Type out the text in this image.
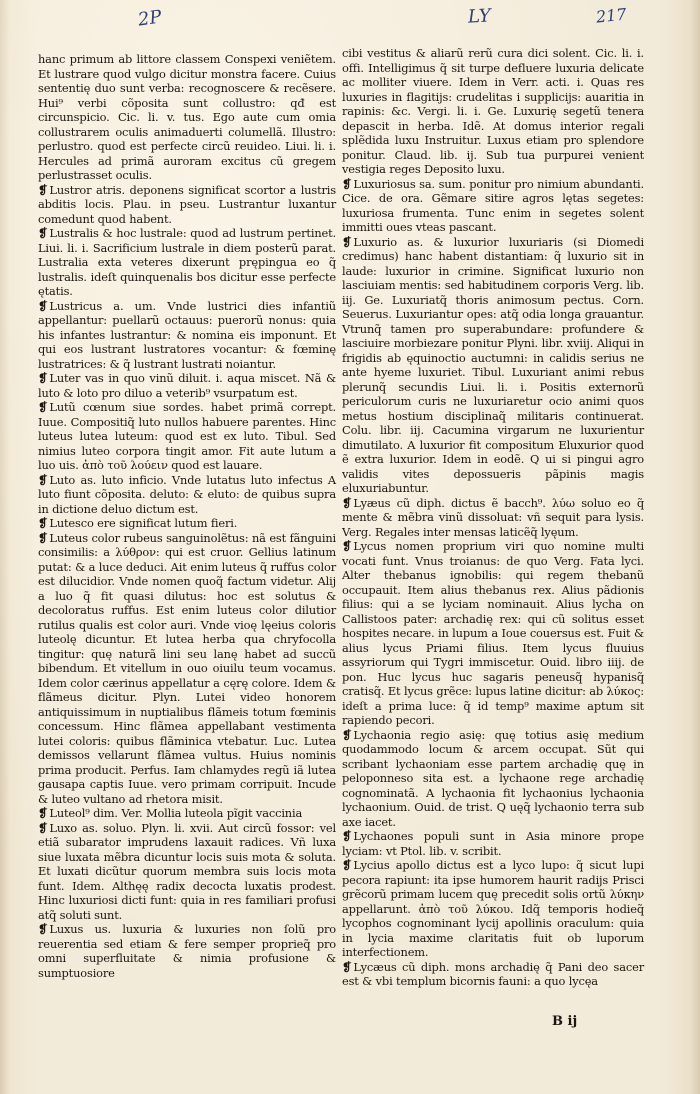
2P	LY	217

hanc primum ab littore classem Conspexi veniẽtem. Et lustrare quod vulgo dicitur monstra facere. Cuius sententię duo sunt verba: recognoscere & recẽsere. Hui⁹ verbi cõposita sunt collustro: qđ est circunspicio. Cic. li. v. tus. Ego aute cum omia collustrarem oculis animaduerti columellã. Illustro: perlustro. quod est perfecte circũ reuideo. Liui. li. i. Hercules ad primã auroram excitus cũ gregem perlustrasset oculis.

❡ Lustror atris. deponens significat scortor a lustris abditis locis. Plau. in pseu. Lustrantur luxantur comedunt quod habent.

❡ Lustralis & hoc lustrale: quod ad lustrum pertinet. Liui. li. i. Sacrificium lustrale in diem posterũ parat. Lustralia exta veteres dixerunt prępingua eo q̃ lustralis. ideſt quinquenalis bos dicitur esse perfecte ętatis.

❡ Lustricus a. um. Vnde lustrici dies infantiũ appellantur: puellarũ octauus: puerorũ nonus: quia his infantes lustrantur: & nomina eis imponunt. Et qui eos lustrant lustratores vocantur: & fœminę lustratrices: & q̃ lustrant lustrati noiantur.

❡ Luter vas in quo vinũ diluit. i. aqua miscet. Nã & luto & loto pro diluo a veterib⁹ vsurpatum est.

❡ Lutũ cœnum siue sordes. habet primã corrept. Iuue. Compositiq̃ luto nullos habuere parentes. Hinc luteus lutea luteum: quod est ex luto. Tibul. Sed nimius luteo corpora tingit amor. Fit aute lutum a luo uis. ἀπὸ τοῦ λούειν quod est lauare.

❡ Luto as. luto inficio. Vnde lutatus luto infectus A luto fiunt cõposita. deluto: & eluto: de quibus supra in dictione deluo dictum est.

❡ Lutesco ere significat lutum fieri.

❡ Luteus color rubeus sanguinolẽtus: nã est fãnguini consimilis: a λύθρον: qui est cruor. Gellius latinum putat: & a luce deduci. Ait enim luteus q̃ ruffus color est dilucidior. Vnde nomen quoq̃ factum videtur. Alij a luo q̃ fit quasi dilutus: hoc est solutus & decoloratus ruffus. Est enim luteus color dilutior rutilus qualis est color auri. Vnde vioę lęeius coloris luteolę dicuntur. Et lutea herba qua chryfocolla tingitur: quę naturã lini seu lanę habet ad succũ bibendum. Et vitellum in ouo oiuilu teum vocamus. Idem color cærinus appellatur a cęrę colore. Idem & flãmeus dicitur. Plyn. Lutei video honorem antiquissimum in nuptialibus flãmeis totum fœminis concessum. Hinc flãmea appellabant vestimenta lutei coloris: quibus flãminica vtebatur. Luc. Lutea demissos vellarunt flãmea vultus. Huius nominis prima producit. Perfus. Iam chlamydes regũ iã lutea gausapa captis Iuue. vero primam corripuit. Incude & luteo vultano ad rhetora misit.

❡ Luteol⁹ dim. Ver. Mollia luteola pĩgit vaccinia

❡ Luxo as. soluo. Plyn. li. xvii. Aut circũ fossor: vel etiã subarator imprudens laxauit radices. Vñ luxa siue luxata mẽbra dicuntur locis suis mota & soluta. Et luxati dicũtur quorum membra suis locis mota funt. Idem. Althęę radix decocta luxatis prodest. Hinc luxuriosi dicti funt: quia in res familiari profusi atq̃ soluti sunt.

❡ Luxus us. luxuria & luxuries non ſolũ pro reuerentia sed etiam & fere semper proprieq̃ pro omni superfluitate & nimia profusione & sumptuosiore

cibi vestitus & aliarũ rerũ cura dici solent. Cic. li. i. offi. Intelligimus q̃ sit turpe defluere luxuria delicate ac molliter viuere. Idem in Verr. acti. i. Quas res luxuries in flagitijs: crudelitas i supplicijs: auaritia in rapinis: &c. Vergi. li. i. Ge. Luxurię segetũ tenera depascit in herba. Idẽ. At domus interior regali splẽdida luxu Instruitur. Luxus etiam pro splendore ponitur. Claud. lib. ij. Sub tua purpurei venient vestigia reges Deposito luxu.

❡ Luxuriosus sa. sum. ponitur pro nimium abundanti. Cice. de ora. Gẽmare sitire agros lętas segetes: luxuriosa frumenta. Tunc enim in segetes solent immitti oues vteas pascant.

❡ Luxurio as. & luxurior luxuriaris (si Diomedi credimus) hanc habent distantiam: q̃ luxurio sit in laude: luxurior in crimine. Significat luxurio non lasciuiam mentis: sed habitudinem corporis Verg. lib. iij. Ge. Luxuriatq̃ thoris animosum pectus. Corn. Seuerus. Luxuriantur opes: atq̃ odia longa grauantur. Vtrunq̃ tamen pro superabundare: profundere & lasciuire morbiezare ponitur Plyni. libr. xviij. Aliqui in frigidis ab ęquinoctio auctumni: in calidis serius ne ante hyeme luxuriet. Tibul. Luxuriant animi rebus plerunq̃ secundis Liui. li. i. Positis externorũ periculorum curis ne luxuriaretur ocio animi quos metus hostium disciplinaq̃ militaris continuerat. Colu. libr. iij. Cacumina virgarum ne luxurientur dimutilato. A luxurior fit compositum Eluxurior quod ẽ extra luxurior. Idem in eodẽ. Q ui si pingui agro validis vites depossueris pãpinis magis eluxuriabuntur.

❡ Lyæus cũ diph. dictus ẽ bacch⁹. λύω soluo eo q̃ mente & mẽbra vinũ dissoluat: vñ sequit para lysis. Verg. Regales inter mensas laticẽq̃ lyęum.

❡ Lycus nomen proprium viri quo nomine multi vocati funt. Vnus troianus: de quo Verg. Fata lyci. Alter thebanus ignobilis: qui regem thebanũ occupauit. Item alius thebanus rex. Alius pãdionis filius: qui a se lyciam nominauit. Alius lycha on Callistoos pater: archadię rex: qui cũ solitus esset hospites necare. in lupum a Ioue couersus est. Fuit & alius lycus Priami filius. Item lycus fluuius assyriorum qui Tygri immiscetur. Ouid. libro iiij. de pon. Huc lycus huc sagaris peneusq̃ hypanisq̃ cratisq̃. Et lycus grẽce: lupus latine dicitur: ab λύκος: ideſt a prima luce: q̃ id temp⁹ maxime aptum sit rapiendo pecori.

❡ Lychaonia regio asię: quę totius asię medium quodammodo locum & arcem occupat. Sũt qui scribant lychaoniam esse partem archadię quę in peloponneso sita est. a lychaone rege archadię cognominatã. A lychaonia fit lychaonius lychaonia lychaonium. Ouid. de trist. Q uęq̃ lychaonio terra sub axe iacet.

❡ Lychaones populi sunt in Asia minore prope lyciam: vt Ptol. lib. v. scribit.

❡ Lycius apollo dictus est a lyco lupo: q̃ sicut lupi pecora rapiunt: ita ipse humorem haurit radijs Prisci grẽcorũ primam lucem quę precedit solis ortũ λύκην appellarunt. ἀπὸ τοῦ λύκου. Idq̃ temporis hodieq̃ lycophos cognominant lycij apollinis oraculum: quia in lycia maxime claritatis fuit ob luporum interfectionem.

❡ Lycæus cũ diph. mons archadię q̃ Pani deo sacer est & vbi templum bicornis fauni: a quo lycęa

B ij
